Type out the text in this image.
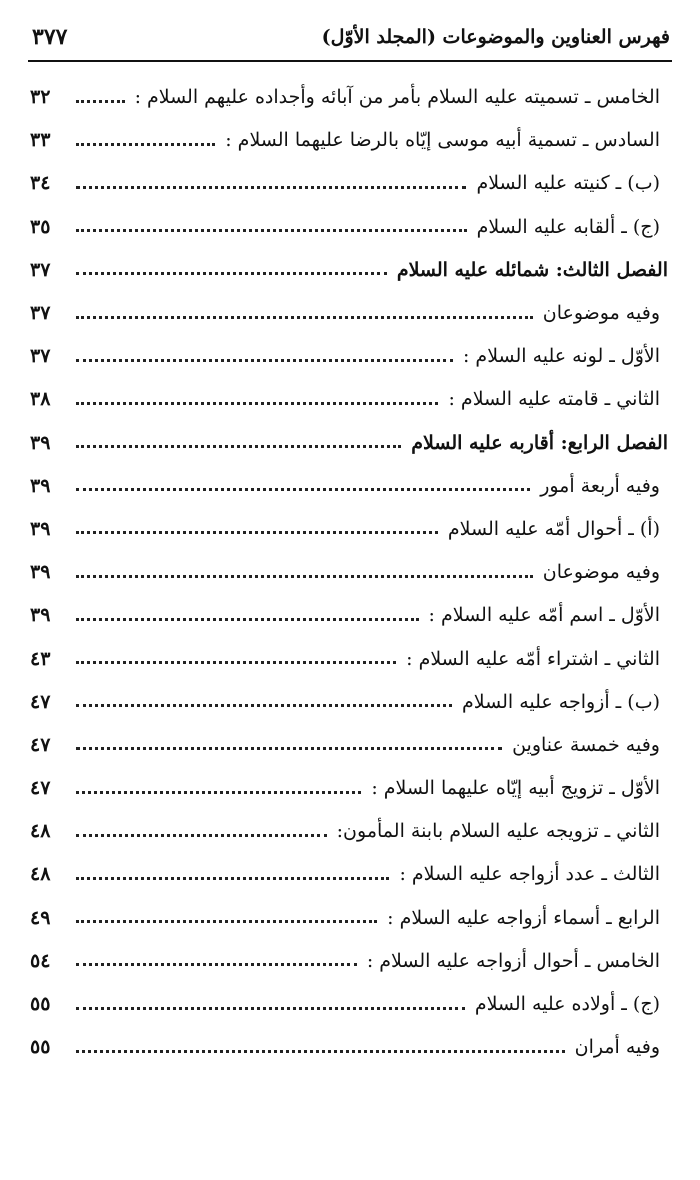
فهرس العناوين والموضوعات (المجلد الأوّل)
٣٧٧
الخامس ـ تسميته عليه السلام بأمر من آبائه وأجداده عليهم السلام :
٣٢
السادس ـ تسمية أبيه موسى إيّاه بالرضا عليهما السلام :
٣٣
(ب) ـ كنيته عليه السلام
٣٤
(ج) ـ ألقابه عليه السلام
٣٥
الفصل الثالث: شمائله عليه السلام
٣٧
وفيه موضوعان
٣٧
الأوّل ـ لونه عليه السلام :
٣٧
الثاني ـ قامته عليه السلام :
٣٨
الفصل الرابع: أقاربه عليه السلام
٣٩
وفيه أربعة أمور
٣٩
(أ) ـ أحوال أمّه عليه السلام
٣٩
وفيه موضوعان
٣٩
الأوّل ـ اسم أمّه عليه السلام :
٣٩
الثاني ـ اشتراء أمّه عليه السلام :
٤٣
(ب) ـ أزواجه عليه السلام
٤٧
وفيه خمسة عناوين
٤٧
الأوّل ـ تزويج أبيه إيّاه عليهما السلام :
٤٧
الثاني ـ تزويجه عليه السلام بابنة المأمون:
٤٨
الثالث ـ عدد أزواجه عليه السلام :
٤٨
الرابع ـ أسماء أزواجه عليه السلام :
٤٩
الخامس ـ أحوال أزواجه عليه السلام :
٥٤
(ج) ـ أولاده عليه السلام
٥٥
وفيه أمران
٥٥
